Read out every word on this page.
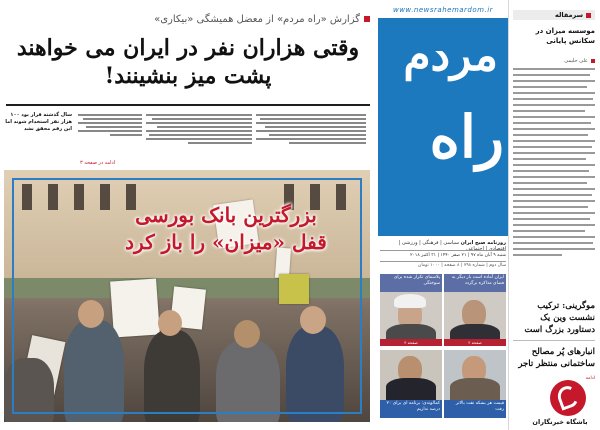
گزارش «راه مردم» از معضل همیشگی «بیکاری»
وقتی هزاران نفر در ایران می خواهند
پشت میز بنشینند!
سال گذشته قرار بود ۱۰۰ هزار نفر استخدام شوند اما این رقم محقق نشد
ادامه در صفحه ۳
بزرگترین بانک بورسی
قفل «میزان» را باز کرد
www.newsrahemardom.ir
راه
مردم
روزنامه صبح ایران سیاسی | فرهنگی | ورزشی | اقتصادی | اجتماعی
شنبه ۹ آبان ماه ۹۷ | ۲۱ صفر ۱۴۴۰ | ۳۱ اکتبر ۲۰۱۸
سال دوم | شماره ۷۹۸ | ۸ صفحه | ۱۰۰۰ تومان
ایران آماده است بار دیگر به فضای مذاکره برگردد
صفحه ۲
پلاسمای تکرار شده برای سوختگی
صفحه ۴
قیمت هر بشکه نفت بالاتر رفت
کمالوندی: برنامه ای برای ۲۰ درصد نداریم
سرمقاله
موسسه میزان در سکانس پایانی
علی حلیمی
موگرینی: ترکیب نشست وین یک دستاورد بزرگ است
انبارهای پُر مصالح ساختمانی منتظر تاجر
ادامه
باشگاه خبرنگاران
